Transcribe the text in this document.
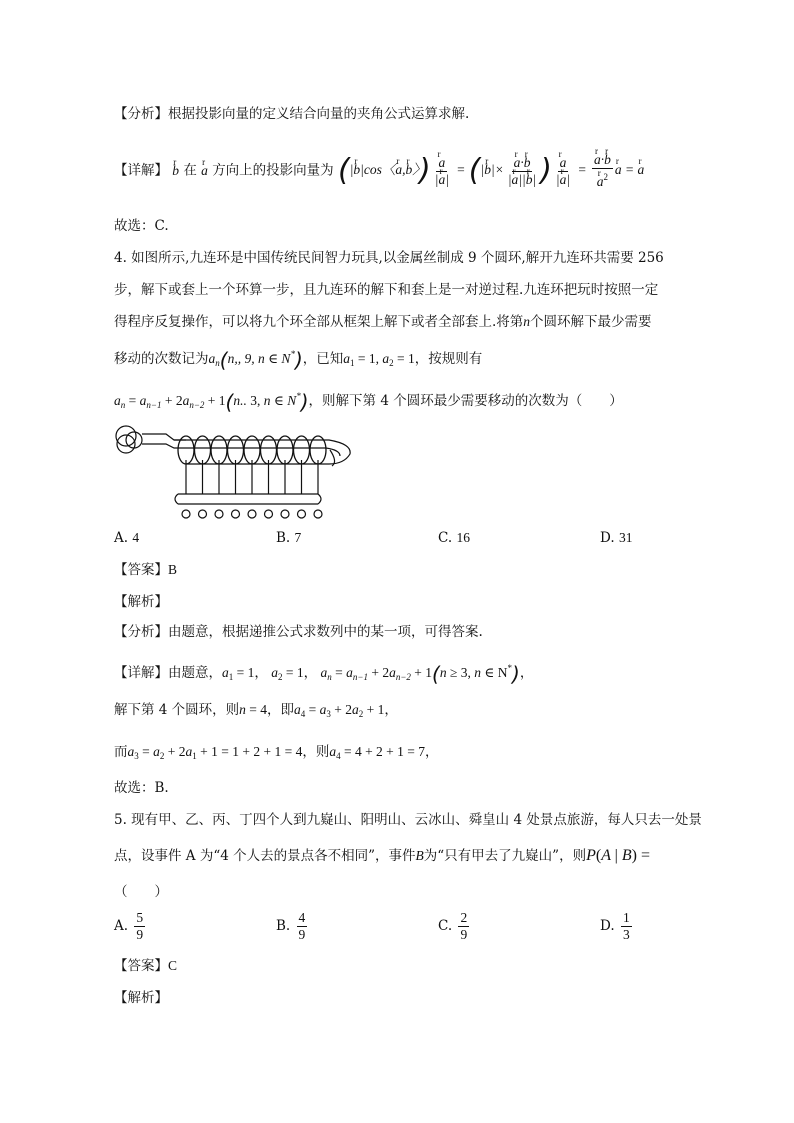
【分析】根据投影向量的定义结合向量的夹角公式运算求解.
【详解】 r b 在 r a 方向上的投影向量为 (|r b|cos〈r a,r b〉)
r $\frac{a}{\text{|r a|}} = (|r$ b|×
r $\frac{\text{a·r b}}{\text{|r a||r b|}}$ )
r $\frac{a}{\text{|r a|}}$ =
r a·r b
r $a^2$
r a = r a
故选：C.
4. 如图所示,九连环是中国传统民间智力玩具,以金属丝制成 9 个圆环,解开九连环共需要 256
步，解下或套上一个环算一步，且九连环的解下和套上是一对逆过程.九连环把玩时按照一定
得程序反复操作，可以将九个环全部从框架上解下或者全部套上.将第n个圆环解下最少需要
移动的次数记为$a_n(n$,, 9, n ∈ N*)，已知$a_1 = 1$, $a_2 = 1$，按规则有
$a_n = a_{n-1} + 2a_{n-2} + 1(n$.. 3, n ∈ N*)，则解下第 4 个圆环最少需要移动的次数为（　　）
A. 4	B. 7	C. 16	D. 31
【答案】B
【解析】
【分析】由题意，根据递推公式求数列中的某一项，可得答案.
【详解】由题意，$a_1 = 1$， $a_2 = 1$， $a_n = a_{n-1} + 2a_{n-2} + 1(n \ge 3$, n ∈ N*)，
解下第 4 个圆环，则n = 4，即$a_4 = a_3 + 2a_2 + 1$，
而$a_3 = a_2 + 2a_1 + 1 = 1 + 2 + 1 = 4$，则$a_4 = 4 + 2 + 1 = 7$，
故选：B.
5. 现有甲、乙、丙、丁四个人到九嶷山、阳明山、云冰山、舜皇山 4 处景点旅游，每人只去一处景
点，设事件 A 为“4 个人去的景点各不相同”，事件B为“只有甲去了九嶷山”，则P(A | B) =
（　　）
A. $\frac{5}{9}$	B. $\frac{4}{9}$	C. $\frac{2}{9}$	D. $\frac{1}{3}$
【答案】C
【解析】
